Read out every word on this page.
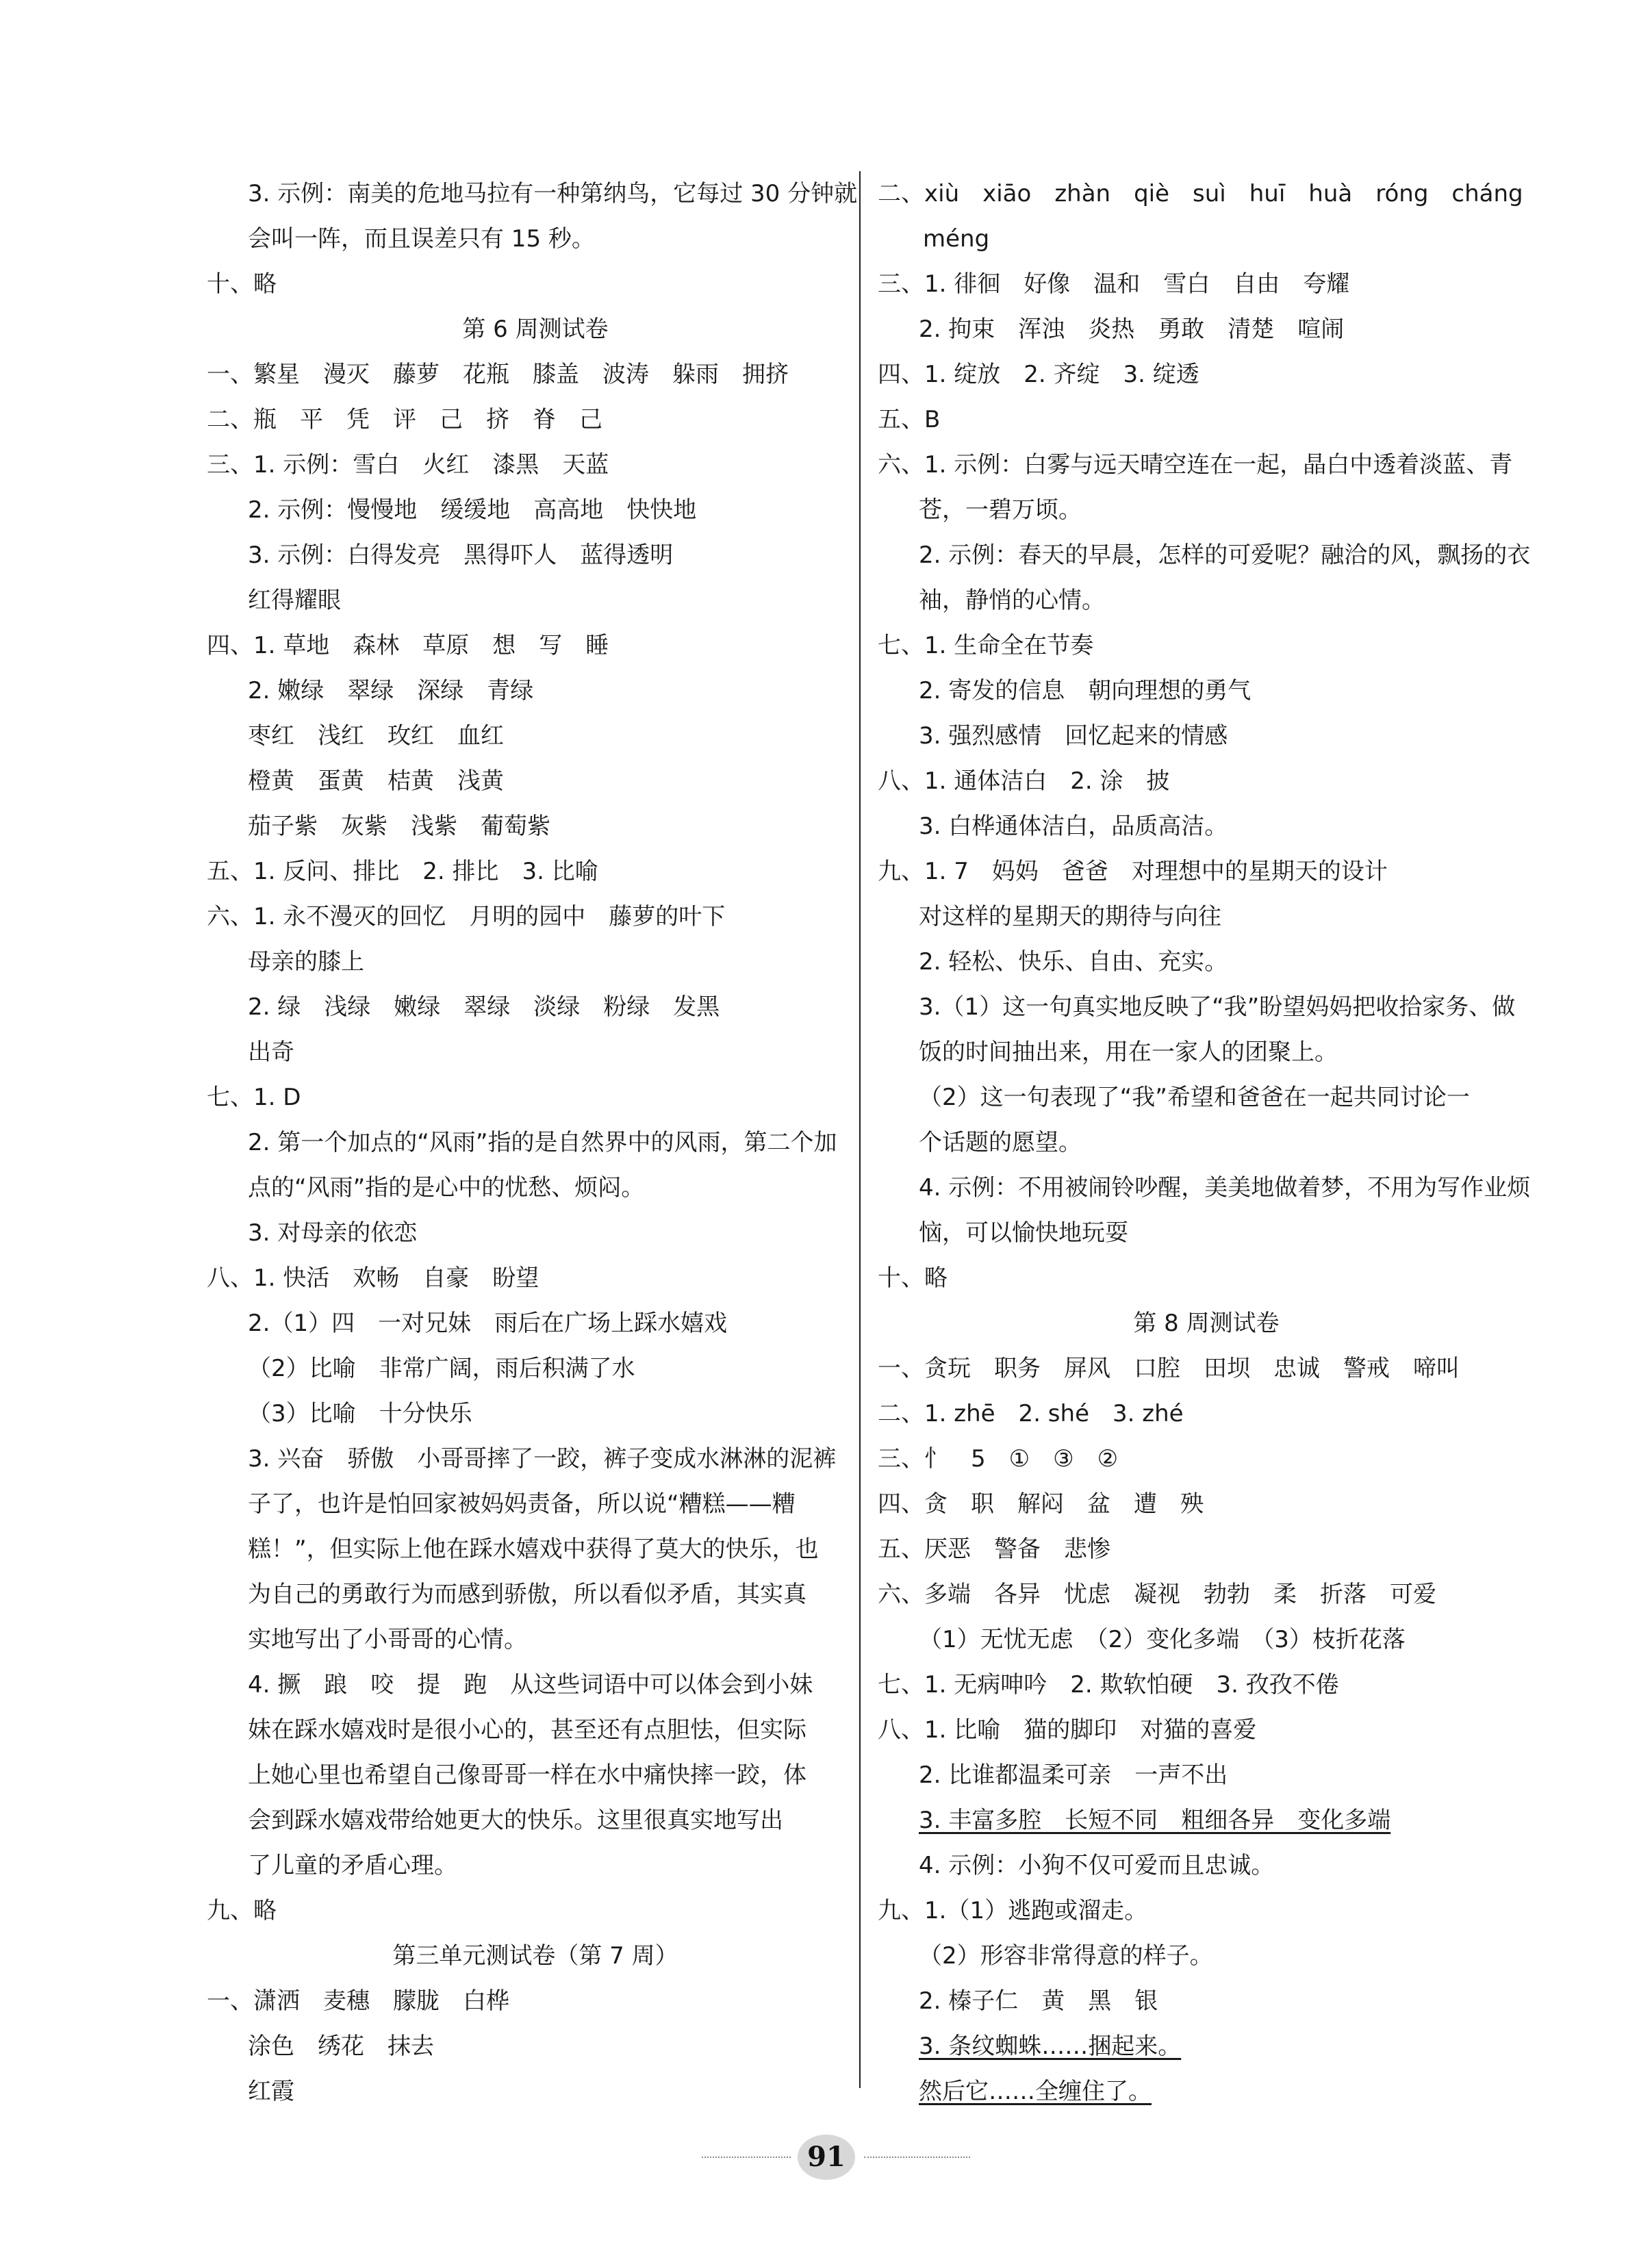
3. 示例：南美的危地马拉有一种第纳鸟，它每过 30 分钟就
会叫一阵，而且误差只有 15 秒。
十、略
第 6 周测试卷
一、繁星　漫灭　藤萝　花瓶　膝盖　波涛　躲雨　拥挤
二、瓶　平　凭　评　己　挤　脊　己
三、1. 示例：雪白　火红　漆黑　天蓝
2. 示例：慢慢地　缓缓地　高高地　快快地
3. 示例：白得发亮　黑得吓人　蓝得透明
红得耀眼
四、1. 草地　森林　草原　想　写　睡
2. 嫩绿　翠绿　深绿　青绿
枣红　浅红　玫红　血红
橙黄　蛋黄　桔黄　浅黄
茄子紫　灰紫　浅紫　葡萄紫
五、1. 反问、排比　2. 排比　3. 比喻
六、1. 永不漫灭的回忆　月明的园中　藤萝的叶下
母亲的膝上
2. 绿　浅绿　嫩绿　翠绿　淡绿　粉绿　发黑
出奇
七、1. D
2. 第一个加点的“风雨”指的是自然界中的风雨，第二个加
点的“风雨”指的是心中的忧愁、烦闷。
3. 对母亲的依恋
八、1. 快活　欢畅　自豪　盼望
2.（1）四　一对兄妹　雨后在广场上踩水嬉戏
（2）比喻　非常广阔，雨后积满了水
（3）比喻　十分快乐
3. 兴奋　骄傲　小哥哥摔了一跤，裤子变成水淋淋的泥裤
子了，也许是怕回家被妈妈责备，所以说“糟糕——糟
糕！”，但实际上他在踩水嬉戏中获得了莫大的快乐，也
为自己的勇敢行为而感到骄傲，所以看似矛盾，其实真
实地写出了小哥哥的心情。
4. 撅　踉　咬　提　跑　从这些词语中可以体会到小妹
妹在踩水嬉戏时是很小心的，甚至还有点胆怯，但实际
上她心里也希望自己像哥哥一样在水中痛快摔一跤，体
会到踩水嬉戏带给她更大的快乐。这里很真实地写出
了儿童的矛盾心理。
九、略
第三单元测试卷（第 7 周）
一、潇洒　麦穗　朦胧　白桦
涂色　绣花　抹去
红霞
二、xiù　xiāo　zhàn　qiè　suì　huī　huà　róng　cháng
méng
三、1. 徘徊　好像　温和　雪白　自由　夸耀
2. 拘束　浑浊　炎热　勇敢　清楚　喧闹
四、1. 绽放　2. 齐绽　3. 绽透
五、B
六、1. 示例：白雾与远天晴空连在一起，晶白中透着淡蓝、青
苍，一碧万顷。
2. 示例：春天的早晨，怎样的可爱呢？融洽的风，飘扬的衣
袖，静悄的心情。
七、1. 生命全在节奏
2. 寄发的信息　朝向理想的勇气
3. 强烈感情　回忆起来的情感
八、1. 通体洁白　2. 涂　披
3. 白桦通体洁白，品质高洁。
九、1. 7　妈妈　爸爸　对理想中的星期天的设计
对这样的星期天的期待与向往
2. 轻松、快乐、自由、充实。
3.（1）这一句真实地反映了“我”盼望妈妈把收拾家务、做
饭的时间抽出来，用在一家人的团聚上。
（2）这一句表现了“我”希望和爸爸在一起共同讨论一
个话题的愿望。
4. 示例：不用被闹铃吵醒，美美地做着梦，不用为写作业烦
恼，可以愉快地玩耍
十、略
第 8 周测试卷
一、贪玩　职务　屏风　口腔　田坝　忠诚　警戒　啼叫
二、1. zhē　2. shé　3. zhé
三、忄　5　①　③　②
四、贪　职　解闷　盆　遭　殃
五、厌恶　警备　悲惨
六、多端　各异　忧虑　凝视　勃勃　柔　折落　可爱
（1）无忧无虑　（2）变化多端　（3）枝折花落
七、1. 无病呻吟　2. 欺软怕硬　3. 孜孜不倦
八、1. 比喻　猫的脚印　对猫的喜爱
2. 比谁都温柔可亲　一声不出
3. 丰富多腔　长短不同　粗细各异　变化多端
4. 示例：小狗不仅可爱而且忠诚。
九、1.（1）逃跑或溜走。
（2）形容非常得意的样子。
2. 榛子仁　黄　黑　银
3. 条纹蜘蛛……捆起来。
然后它……全缠住了。
91
